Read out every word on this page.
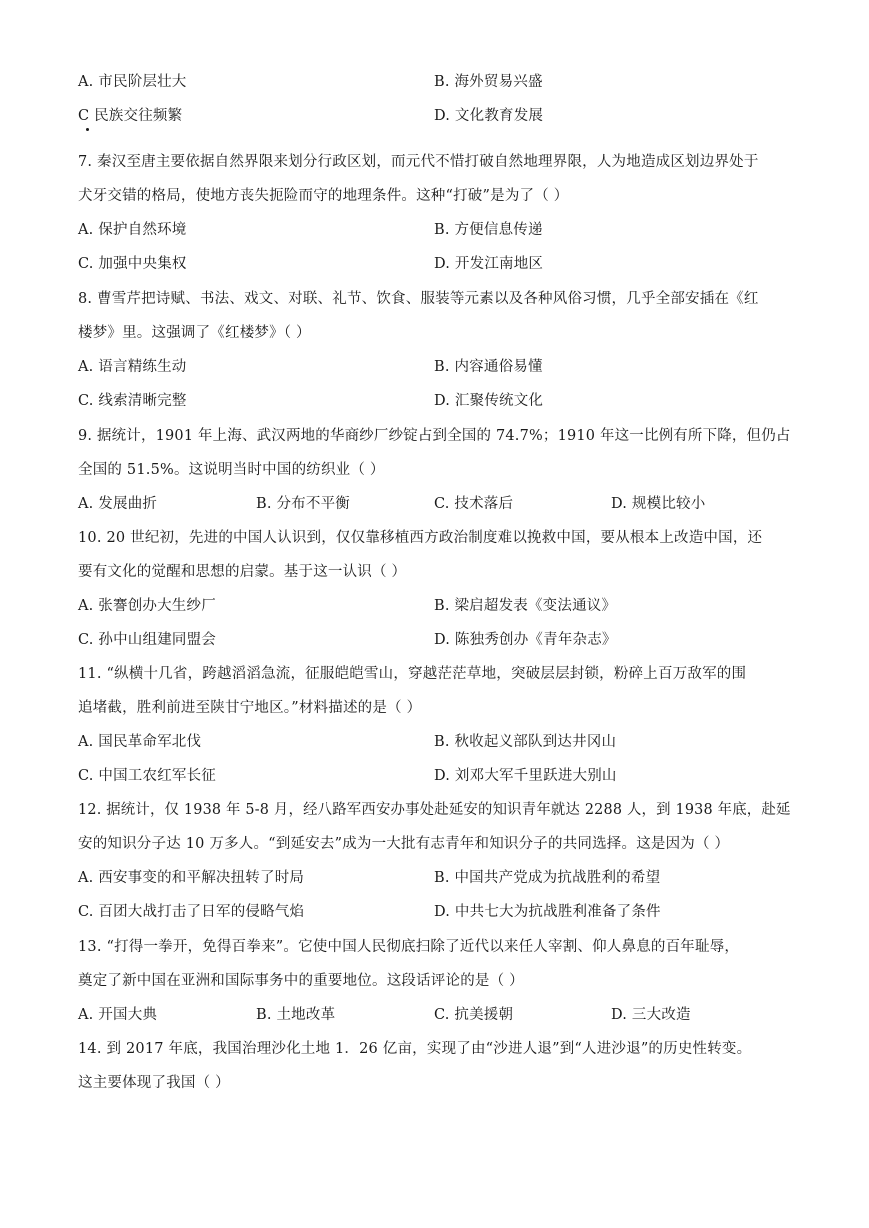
A. 市民阶层壮大	B. 海外贸易兴盛
C 民族交往频繁	D. 文化教育发展
7. 秦汉至唐主要依据自然界限来划分行政区划，而元代不惜打破自然地理界限，人为地造成区划边界处于
犬牙交错的格局，使地方丧失扼险而守的地理条件。这种“打破”是为了（ ）
A. 保护自然环境	B. 方便信息传递
C. 加强中央集权	D. 开发江南地区
8. 曹雪芹把诗赋、书法、戏文、对联、礼节、饮食、服装等元素以及各种风俗习惯，几乎全部安插在《红
楼梦》里。这强调了《红楼梦》（ ）
A. 语言精练生动	B. 内容通俗易懂
C. 线索清晰完整	D. 汇聚传统文化
9. 据统计，1901 年上海、武汉两地的华商纱厂纱锭占到全国的 74.7%；1910 年这一比例有所下降，但仍占
全国的 51.5%。这说明当时中国的纺织业（ ）
A. 发展曲折	B. 分布不平衡	C. 技术落后	D. 规模比较小
10. 20 世纪初，先进的中国人认识到，仅仅靠移植西方政治制度难以挽救中国，要从根本上改造中国，还
要有文化的觉醒和思想的启蒙。基于这一认识（ ）
A. 张謇创办大生纱厂	B. 梁启超发表《变法通议》
C. 孙中山组建同盟会	D. 陈独秀创办《青年杂志》
11. “纵横十几省，跨越滔滔急流，征服皑皑雪山，穿越茫茫草地，突破层层封锁，粉碎上百万敌军的围
追堵截，胜利前进至陕甘宁地区。”材料描述的是（ ）
A. 国民革命军北伐	B. 秋收起义部队到达井冈山
C. 中国工农红军长征	D. 刘邓大军千里跃进大别山
12. 据统计，仅 1938 年 5-8 月，经八路军西安办事处赴延安的知识青年就达 2288 人，到 1938 年底，赴延
安的知识分子达 10 万多人。“到延安去”成为一大批有志青年和知识分子的共同选择。这是因为（ ）
A. 西安事变的和平解决扭转了时局	B. 中国共产党成为抗战胜利的希望
C. 百团大战打击了日军的侵略气焰	D. 中共七大为抗战胜利准备了条件
13. “打得一拳开，免得百拳来”。它使中国人民彻底扫除了近代以来任人宰割、仰人鼻息的百年耻辱，
奠定了新中国在亚洲和国际事务中的重要地位。这段话评论的是（ ）
A. 开国大典	B. 土地改革	C. 抗美援朝	D. 三大改造
14. 到 2017 年底，我国治理沙化土地 1．26 亿亩，实现了由“沙进人退”到“人进沙退”的历史性转变。
这主要体现了我国（ ）
